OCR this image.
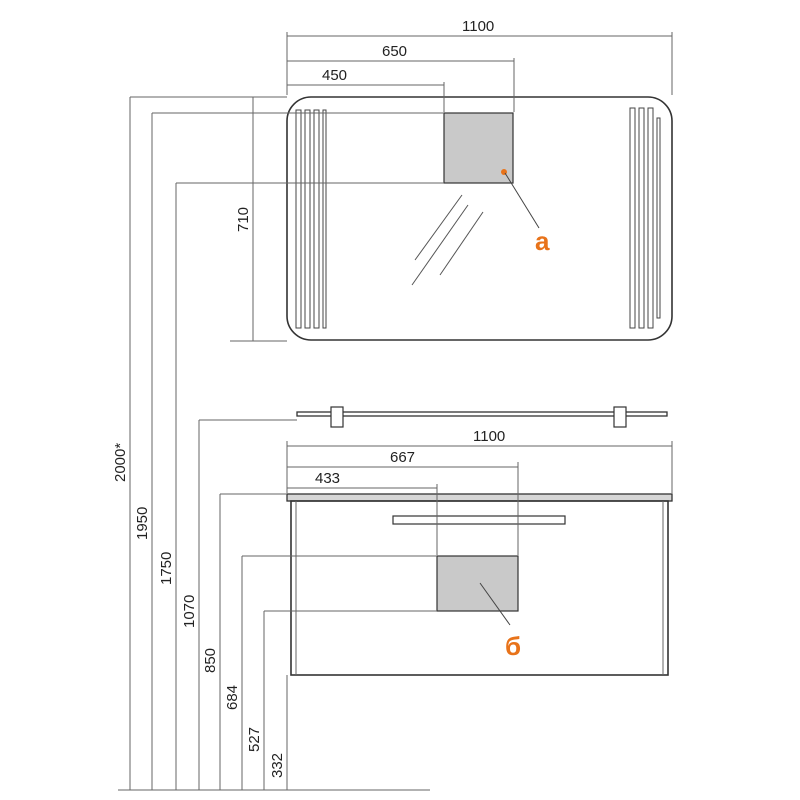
а
1100
650
450
710
б
1100
667
433
2000*
1950
1750
1070
850
684
527
332
